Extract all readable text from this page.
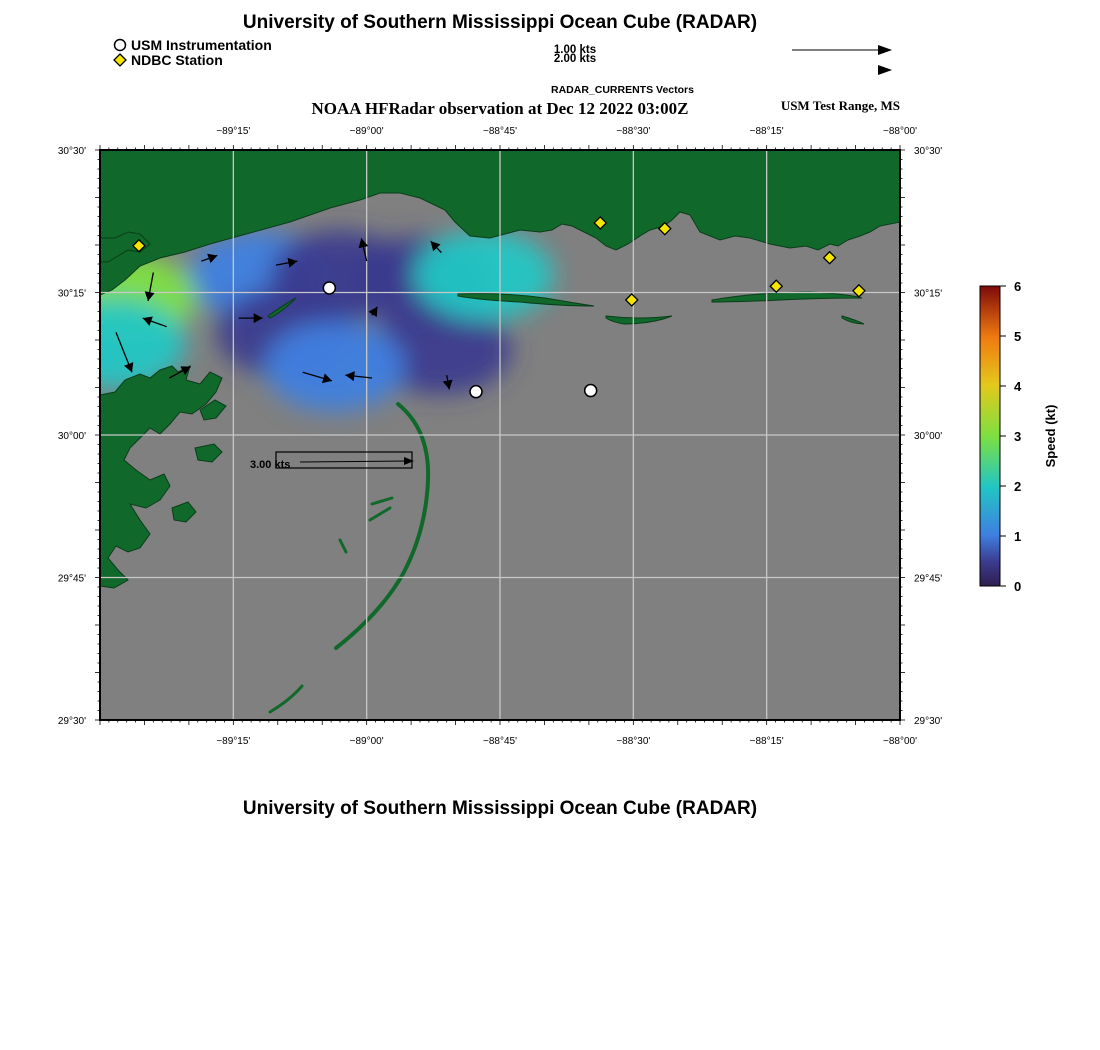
University of Southern Mississippi Ocean Cube (RADAR)
USM Instrumentation
NDBC Station
1.00 kts
2.00 kts
RADAR_CURRENTS Vectors
NOAA HFRadar observation at Dec 12 2022 03:00Z	USM Test Range, MS
3.00 kts
−89°15'
−89°15'
−89°00'
−89°00'
−88°45'
−88°45'
−88°30'
−88°30'
−88°15'
−88°15'
−88°00'
−88°00'
30°30'	30°30'
30°15'	30°15'
30°00'	30°00'
29°45'	29°45'
29°30'	29°30'
0
1
2
3
4
5
6
Speed (kt)
University of Southern Mississippi Ocean Cube (RADAR)
